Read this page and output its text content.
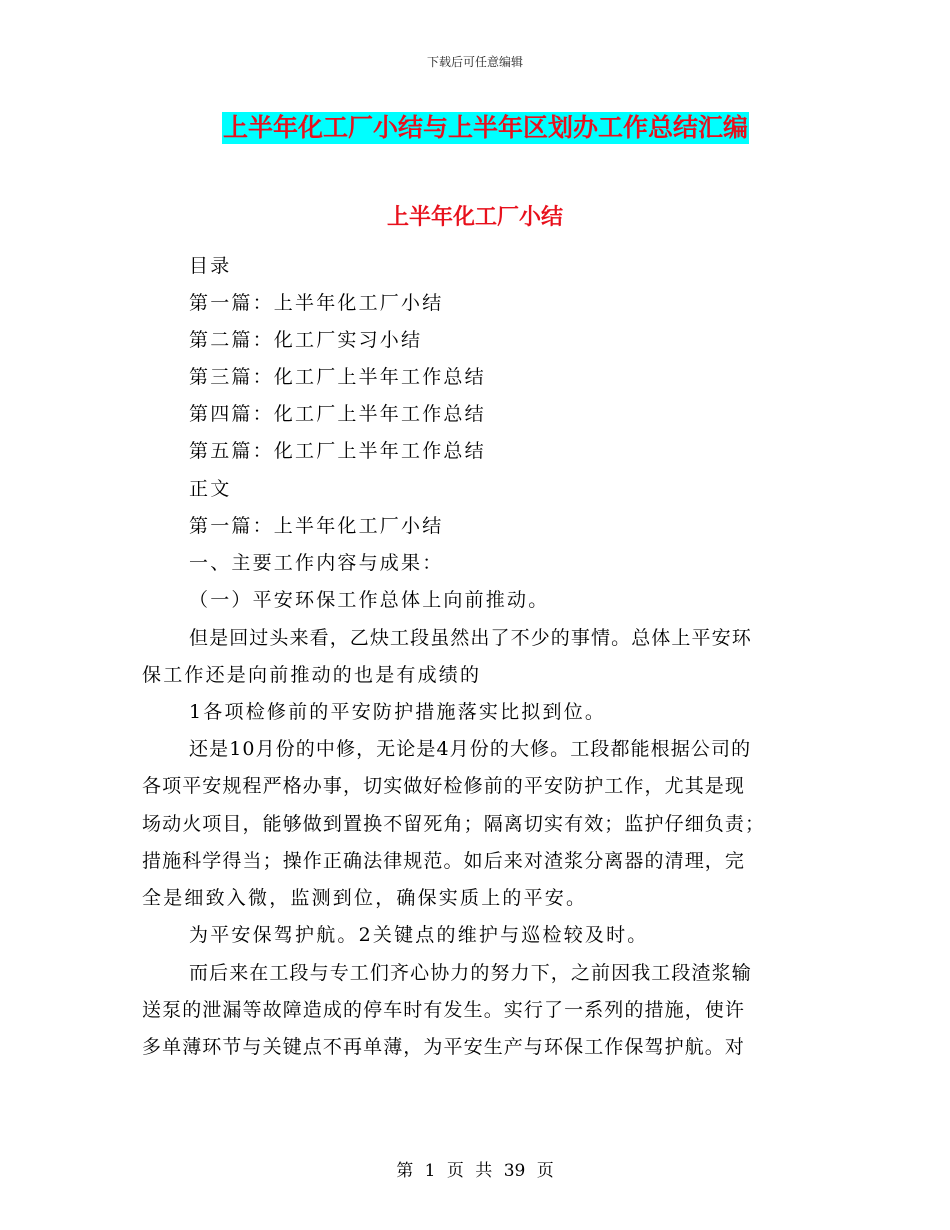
下载后可任意编辑
上半年化工厂小结与上半年区划办工作总结汇编
上半年化工厂小结
目录
第一篇：上半年化工厂小结
第二篇：化工厂实习小结
第三篇：化工厂上半年工作总结
第四篇：化工厂上半年工作总结
第五篇：化工厂上半年工作总结
正文
第一篇：上半年化工厂小结
一、主要工作内容与成果：
（一）平安环保工作总体上向前推动。
但是回过头来看，乙炔工段虽然出了不少的事情。总体上平安环
保工作还是向前推动的也是有成绩的
1各项检修前的平安防护措施落实比拟到位。
还是10月份的中修，无论是4月份的大修。工段都能根据公司的
各项平安规程严格办事，切实做好检修前的平安防护工作，尤其是现
场动火项目，能够做到置换不留死角；隔离切实有效；监护仔细负责；
措施科学得当；操作正确法律规范。如后来对渣浆分离器的清理，完
全是细致入微，监测到位，确保实质上的平安。
为平安保驾护航。2关键点的维护与巡检较及时。
而后来在工段与专工们齐心协力的努力下，之前因我工段渣浆输
送泵的泄漏等故障造成的停车时有发生。实行了一系列的措施，使许
多单薄环节与关键点不再单薄，为平安生产与环保工作保驾护航。对
第 1 页 共 39 页
